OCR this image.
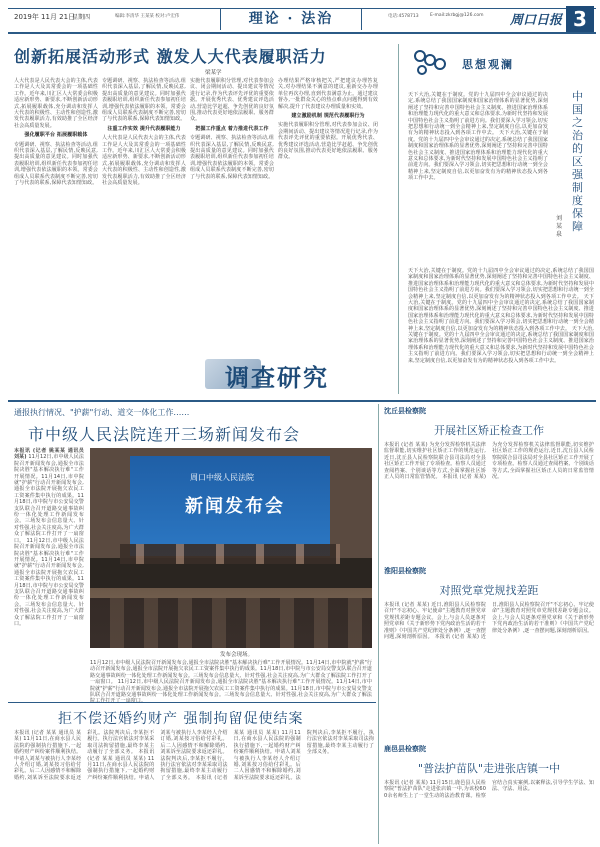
2019年 11月 21日
星期四	编辑:李清华 王某某 校对:卢宏伟	理论 · 法治	电话:4578713	E-mail:zkrbgj@126.com 周口日报 3
创新拓展活动形式 激发人大代表履职活力
梁某学
人大代表是人民代表大会的主体,代表工作是人大及其常委会的一项基础性工作。近年来,川汇区人大常委会积极适应新形势、新要求,不断创新活动形式,拓展履职载体,充分调动和发挥人大代表的积极性、主动性和创造性,激发代表履职活力,有效助推了全区经济社会高质量发展。
强化履职平台 拓展履职载体
专题调研、视察、执法检查等活动,组织代表深入基层,了解民情,反映民意,提出高质量的意见建议。同时加强代表履职培训,组织新任代表参加初任培训,增强代表依法履职的本领。常委会组成人员联系代表制度不断完善,密切了与代表的联系,保障代表知情知政。
专题调研、视察、执法检查等活动,组织代表深入基层,了解民情,反映民意,提出高质量的意见建议。同时加强代表履职培训,组织新任代表参加初任培训,增强代表依法履职的本领。常委会组成人员联系代表制度不断完善,密切了与代表的联系,保障代表知情知政。
注重工作实效 提升代表履职能力
人大代表是人民代表大会的主体,代表工作是人大及其常委会的一项基础性工作。近年来,川汇区人大常委会积极适应新形势、新要求,不断创新活动形式,拓展履职载体,充分调动和发挥人大代表的积极性、主动性和创造性,激发代表履职活力,有效助推了全区经济社会高质量发展。
实施代表履职积分管理,对代表参加会议、闭会期间活动、提出建议等情况进行记录,作为代表评先评优的重要依据。开展优秀代表、优秀建议评选活动,营造比学赶超、争先创优的良好氛围,推动代表更好地依法履职、服务群众。
把握工作重点 着力推进代表工作
专题调研、视察、执法检查等活动,组织代表深入基层,了解民情,反映民意,提出高质量的意见建议。同时加强代表履职培训,组织新任代表参加初任培训,增强代表依法履职的本领。常委会组成人员联系代表制度不断完善,密切了与代表的联系,保障代表知情知政。
办理结果严格审核把关,严把建议办理答复关,对办理结果不满意的建议,重新交办办理单位再次办理,直到代表满意为止。通过建议督办,一批群众关心的热点难点问题得到有效解决,提升了代表建议办理质量和实效。
建立激励机制 规范代表履职行为
实施代表履职积分管理,对代表参加会议、闭会期间活动、提出建议等情况进行记录,作为代表评先评优的重要依据。开展优秀代表、优秀建议评选活动,营造比学赶超、争先创优的良好氛围,推动代表更好地依法履职、服务群众。
调查研究
思想观澜
中国之治的区强制度保障
刘某泉
天下大治,关键在于制度。党的十九届四中全会审议通过的决定,系统总结了我国国家制度和国家治理体系的显著优势,深刻阐述了坚持和完善中国特色社会主义制度、推进国家治理体系和治理能力现代化的重大意义和总体要求,为新时代坚持和发展中国特色社会主义指明了前进方向。我们要深入学习领会,切实把思想和行动统一到全会精神上来,坚定制度自信,以更加奋发有为的精神状态投入到各项工作中去。 天下大治,关键在于制度。党的十九届四中全会审议通过的决定,系统总结了我国国家制度和国家治理体系的显著优势,深刻阐述了坚持和完善中国特色社会主义制度、推进国家治理体系和治理能力现代化的重大意义和总体要求,为新时代坚持和发展中国特色社会主义指明了前进方向。我们要深入学习领会,切实把思想和行动统一到全会精神上来,坚定制度自信,以更加奋发有为的精神状态投入到各项工作中去。
天下大治,关键在于制度。党的十九届四中全会审议通过的决定,系统总结了我国国家制度和国家治理体系的显著优势,深刻阐述了坚持和完善中国特色社会主义制度、推进国家治理体系和治理能力现代化的重大意义和总体要求,为新时代坚持和发展中国特色社会主义指明了前进方向。我们要深入学习领会,切实把思想和行动统一到全会精神上来,坚定制度自信,以更加奋发有为的精神状态投入到各项工作中去。 天下大治,关键在于制度。党的十九届四中全会审议通过的决定,系统总结了我国国家制度和国家治理体系的显著优势,深刻阐述了坚持和完善中国特色社会主义制度、推进国家治理体系和治理能力现代化的重大意义和总体要求,为新时代坚持和发展中国特色社会主义指明了前进方向。我们要深入学习领会,切实把思想和行动统一到全会精神上来,坚定制度自信,以更加奋发有为的精神状态投入到各项工作中去。 天下大治,关键在于制度。党的十九届四中全会审议通过的决定,系统总结了我国国家制度和国家治理体系的显著优势,深刻阐述了坚持和完善中国特色社会主义制度、推进国家治理体系和治理能力现代化的重大意义和总体要求,为新时代坚持和发展中国特色社会主义指明了前进方向。我们要深入学习领会,切实把思想和行动统一到全会精神上来,坚定制度自信,以更加奋发有为的精神状态投入到各项工作中去。
通报执行情况、"护薪"行动、道交一体化工作……
市中级人民法院连开三场新闻发布会
本报讯 (记者 姚某某 通讯员 刘某) 11月12日,市中级人民法院召开新闻发布会,通报全市法院决胜"基本解决执行难"工作开展情况。11月14日,市中院就"护薪"行动召开新闻发布会,通报全市法院开展拖欠农民工工资案件集中执行的成果。11月18日,市中院与市公安局交警支队联合召开道路交通事故纠纷一体化处理工作新闻发布会。三场发布会信息量大、针对性强,社会关注度高,为广大群众了解法院工作打开了一扇窗口。 11月12日,市中级人民法院召开新闻发布会,通报全市法院决胜"基本解决执行难"工作开展情况。11月14日,市中院就"护薪"行动召开新闻发布会,通报全市法院开展拖欠农民工工资案件集中执行的成果。11月18日,市中院与市公安局交警支队联合召开道路交通事故纠纷一体化处理工作新闻发布会。三场发布会信息量大、针对性强,社会关注度高,为广大群众了解法院工作打开了一扇窗口。
周口中级人民法院
新闻发布会
发布会现场。
11月12日,市中级人民法院召开新闻发布会,通报全市法院决胜"基本解决执行难"工作开展情况。11月14日,市中院就"护薪"行动召开新闻发布会,通报全市法院开展拖欠农民工工资案件集中执行的成果。11月18日,市中院与市公安局交警支队联合召开道路交通事故纠纷一体化处理工作新闻发布会。三场发布会信息量大、针对性强,社会关注度高,为广大群众了解法院工作打开了一扇窗口。 11月12日,市中级人民法院召开新闻发布会,通报全市法院决胜"基本解决执行难"工作开展情况。11月14日,市中院就"护薪"行动召开新闻发布会,通报全市法院开展拖欠农民工工资案件集中执行的成果。11月18日,市中院与市公安局交警支队联合召开道路交通事故纠纷一体化处理工作新闻发布会。三场发布会信息量大、针对性强,社会关注度高,为广大群众了解法
沈丘县检察院
开展社区矫正检查工作
本报讯 (记者 某某) 为充分发挥检察机关法律监督职能,切实维护社区矫正工作的规范运行,近日,沈丘县人民检察院联合县司法局对全县社区矫正工作开展了专项检查。检察人员通过查阅档案、个别谈话等方式,全面掌握社区矫正人员的日常监管情况。 本报讯 (记者 某某) 为充分发挥检察机关法律监督职能,切实维护社区矫正工作的规范运行,近日,沈丘县人民检察院联合县司法局对全县社区矫正工作开展了专项检查。检察人员通过查阅档案、个别谈话等方式,全面掌握社区矫正人员的日常监管情况。
淮阳县检察院
对照党章党规找差距
本报讯 (记者 某某) 近日,淮阳县人民检察院召开"不忘初心、牢记使命"主题教育对照党章党规找差距专题会议。会上,与会人员逐条对照党章和《关于新形势下党内政治生活的若干准则》《中国共产党纪律处分条例》,逐一查摆问题,深刻剖析原因。 本报讯 (记者 某某) 近日,淮阳县人民检察院召开"不忘初心、牢记使命"主题教育对照党章党规找差距专题会议。会上,与会人员逐条对照党章和《关于新形势下党内政治生活的若干准则》《中国共产党纪律处分条例》,逐一查摆问题,深刻剖析原因。
鹿邑县检察院
"普法护苗队"走进张店镇一中
本报讯 (记者 某某) 11月15日,鹿邑县人民检察院"普法护苗队"走进张店镇一中,为该校600余名师生上了一堂生动的法治教育课。检察官结合真实案例,以案释法,引导学生学法、知法、守法、用法。
拒不偿还婚约财产 强制拘留促使结案
本报讯 (记者 某某 通讯员 某某) 11月11日,在商水县人民法院的强制执行措施下,一起婚约财产纠纷案件顺利执结。申请人刘某与被执行人李某经人介绍订婚,刘某按习俗给付彩礼。后二人因感情不和解除婚约,刘某诉至法院要求返还彩礼。法院判决后,李某拒不履行。执行法官依法对李某采取司法拘留措施,最终李某主动履行了全部义务。 本报讯 (记者 某某 通讯员 某某) 11月11日,在商水县人民法院的强制执行措施下,一起婚约财产纠纷案件顺利执结。申请人刘某与被执行人李某经人介绍订婚,刘某按习俗给付彩礼。后二人因感情不和解除婚约,刘某诉至法院要求返还彩礼。法院判决后,李某拒不履行。执行法官依法对李某采取司法拘留措施,最终李某主动履行了全部义务。 本报讯 (记者 某某 通讯员 某某) 11月11日,在商水县人民法院的强制执行措施下,一起婚约财产纠纷案件顺利执结。申请人刘某与被执行人李某经人介绍订婚,刘某按习俗给付彩礼。后二人因感情不和解除婚约,刘某诉至法院要求返还彩礼。法院判决后,李某拒不履行。执行法官依法对李某采取司法拘留措施,最终李某主动履行了全部义务。
